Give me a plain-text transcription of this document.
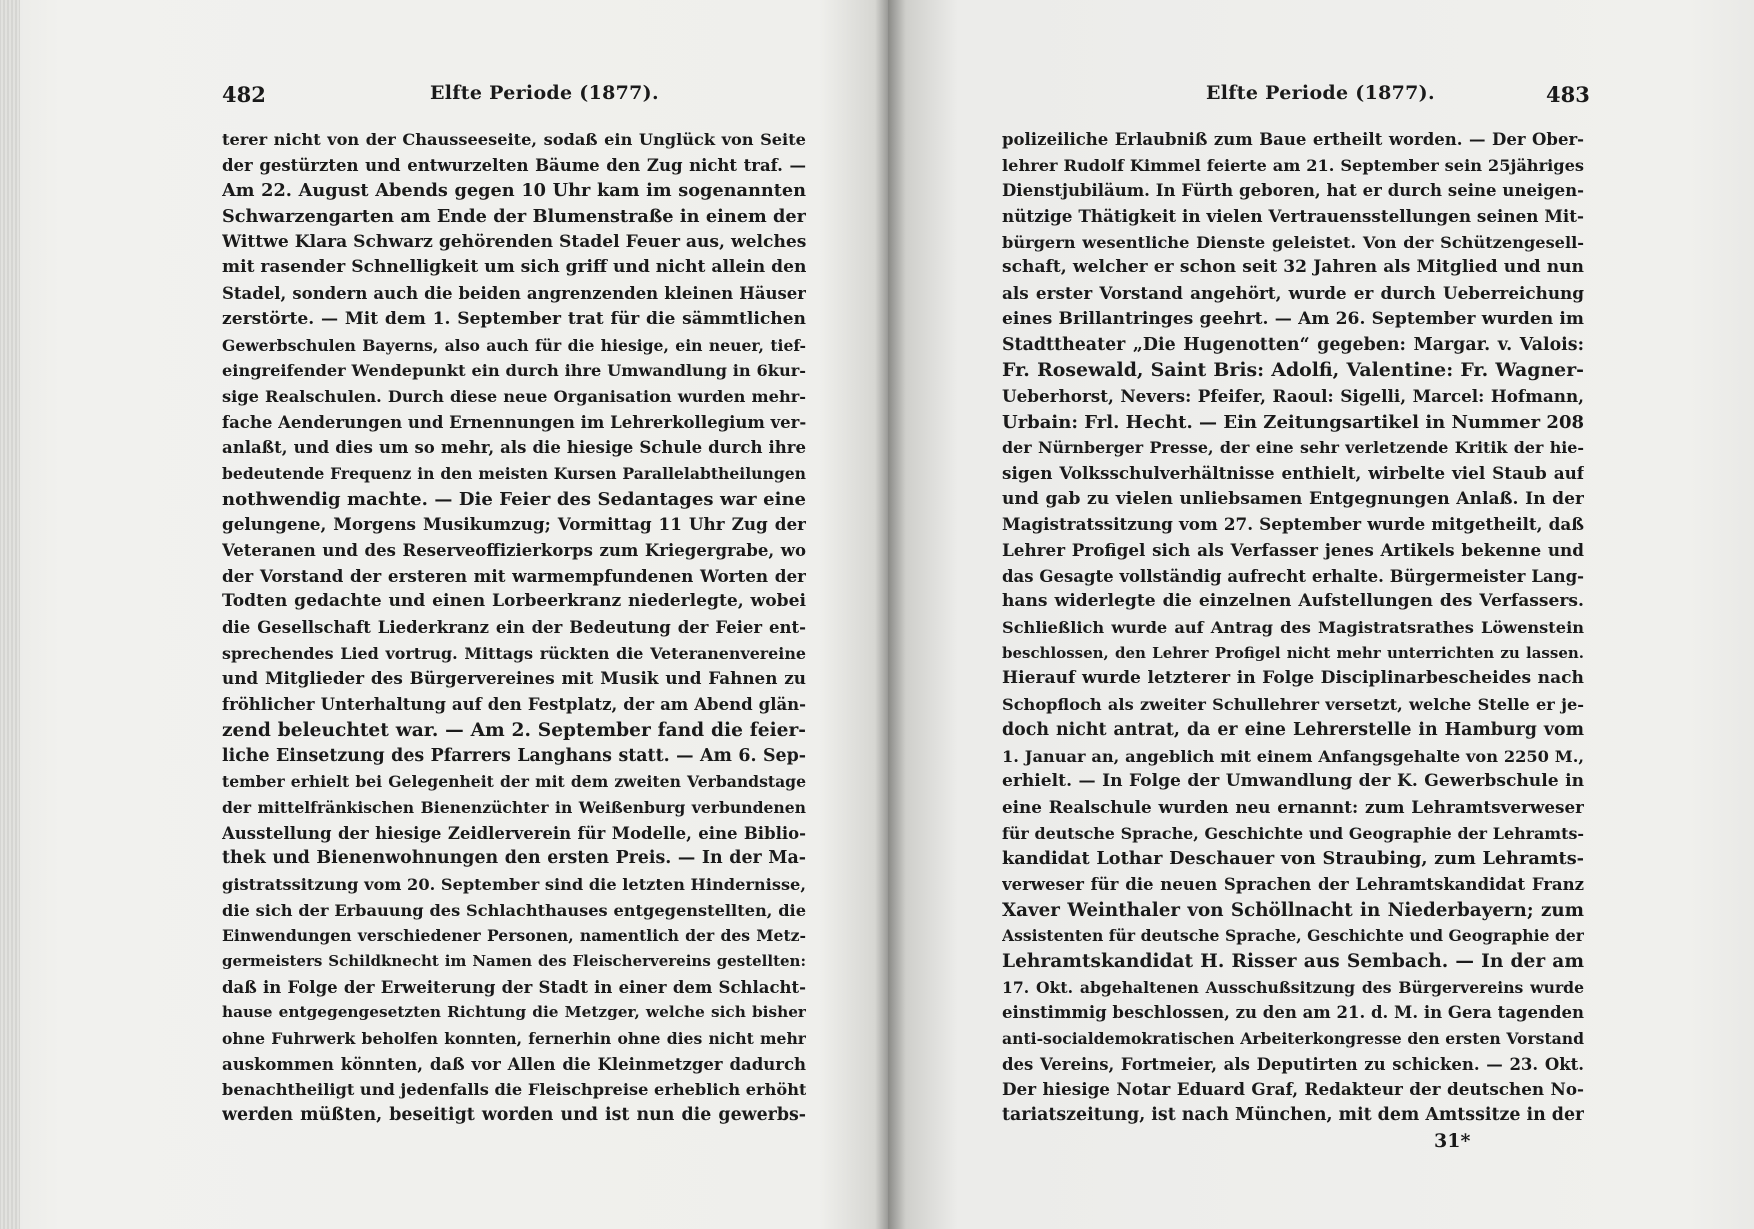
482	Elfte Periode (1877).
terer nicht von der Chausseeseite, sodaß ein Unglück von Seite
der gestürzten und entwurzelten Bäume den Zug nicht traf. —
Am 22. August Abends gegen 10 Uhr kam im sogenannten
Schwarzengarten am Ende der Blumenstraße in einem der
Wittwe Klara Schwarz gehörenden Stadel Feuer aus, welches
mit rasender Schnelligkeit um sich griff und nicht allein den
Stadel, sondern auch die beiden angrenzenden kleinen Häuser
zerstörte. — Mit dem 1. September trat für die sämmtlichen
Gewerbschulen Bayerns, also auch für die hiesige, ein neuer, tief-
eingreifender Wendepunkt ein durch ihre Umwandlung in 6kur-
sige Realschulen. Durch diese neue Organisation wurden mehr-
fache Aenderungen und Ernennungen im Lehrerkollegium ver-
anlaßt, und dies um so mehr, als die hiesige Schule durch ihre
bedeutende Frequenz in den meisten Kursen Parallelabtheilungen
nothwendig machte. — Die Feier des Sedantages war eine
gelungene, Morgens Musikumzug; Vormittag 11 Uhr Zug der
Veteranen und des Reserveoffizierkorps zum Kriegergrabe, wo
der Vorstand der ersteren mit warmempfundenen Worten der
Todten gedachte und einen Lorbeerkranz niederlegte, wobei
die Gesellschaft Liederkranz ein der Bedeutung der Feier ent-
sprechendes Lied vortrug. Mittags rückten die Veteranenvereine
und Mitglieder des Bürgervereines mit Musik und Fahnen zu
fröhlicher Unterhaltung auf den Festplatz, der am Abend glän-
zend beleuchtet war. — Am 2. September fand die feier-
liche Einsetzung des Pfarrers Langhans statt. — Am 6. Sep-
tember erhielt bei Gelegenheit der mit dem zweiten Verbandstage
der mittelfränkischen Bienenzüchter in Weißenburg verbundenen
Ausstellung der hiesige Zeidlerverein für Modelle, eine Biblio-
thek und Bienenwohnungen den ersten Preis. — In der Ma-
gistratssitzung vom 20. September sind die letzten Hindernisse,
die sich der Erbauung des Schlachthauses entgegenstellten, die
Einwendungen verschiedener Personen, namentlich der des Metz-
germeisters Schildknecht im Namen des Fleischervereins gestellten:
daß in Folge der Erweiterung der Stadt in einer dem Schlacht-
hause entgegengesetzten Richtung die Metzger, welche sich bisher
ohne Fuhrwerk beholfen konnten, fernerhin ohne dies nicht mehr
auskommen könnten, daß vor Allen die Kleinmetzger dadurch
benachtheiligt und jedenfalls die Fleischpreise erheblich erhöht
werden müßten, beseitigt worden und ist nun die gewerbs-
Elfte Periode (1877).	483
polizeiliche Erlaubniß zum Baue ertheilt worden. — Der Ober-
lehrer Rudolf Kimmel feierte am 21. September sein 25jähriges
Dienstjubiläum. In Fürth geboren, hat er durch seine uneigen-
nützige Thätigkeit in vielen Vertrauensstellungen seinen Mit-
bürgern wesentliche Dienste geleistet. Von der Schützengesell-
schaft, welcher er schon seit 32 Jahren als Mitglied und nun
als erster Vorstand angehört, wurde er durch Ueberreichung
eines Brillantringes geehrt. — Am 26. September wurden im
Stadttheater „Die Hugenotten“ gegeben: Margar. v. Valois:
Fr. Rosewald, Saint Bris: Adolfi, Valentine: Fr. Wagner-
Ueberhorst, Nevers: Pfeifer, Raoul: Sigelli, Marcel: Hofmann,
Urbain: Frl. Hecht. — Ein Zeitungsartikel in Nummer 208
der Nürnberger Presse, der eine sehr verletzende Kritik der hie-
sigen Volksschulverhältnisse enthielt, wirbelte viel Staub auf
und gab zu vielen unliebsamen Entgegnungen Anlaß. In der
Magistratssitzung vom 27. September wurde mitgetheilt, daß
Lehrer Profigel sich als Verfasser jenes Artikels bekenne und
das Gesagte vollständig aufrecht erhalte. Bürgermeister Lang-
hans widerlegte die einzelnen Aufstellungen des Verfassers.
Schließlich wurde auf Antrag des Magistratsrathes Löwenstein
beschlossen, den Lehrer Profigel nicht mehr unterrichten zu lassen.
Hierauf wurde letzterer in Folge Disciplinarbescheides nach
Schopfloch als zweiter Schullehrer versetzt, welche Stelle er je-
doch nicht antrat, da er eine Lehrerstelle in Hamburg vom
1. Januar an, angeblich mit einem Anfangsgehalte von 2250 M.,
erhielt. — In Folge der Umwandlung der K. Gewerbschule in
eine Realschule wurden neu ernannt: zum Lehramtsverweser
für deutsche Sprache, Geschichte und Geographie der Lehramts-
kandidat Lothar Deschauer von Straubing, zum Lehramts-
verweser für die neuen Sprachen der Lehramtskandidat Franz
Xaver Weinthaler von Schöllnacht in Niederbayern; zum
Assistenten für deutsche Sprache, Geschichte und Geographie der
Lehramtskandidat H. Risser aus Sembach. — In der am
17. Okt. abgehaltenen Ausschußsitzung des Bürgervereins wurde
einstimmig beschlossen, zu den am 21. d. M. in Gera tagenden
anti-socialdemokratischen Arbeiterkongresse den ersten Vorstand
des Vereins, Fortmeier, als Deputirten zu schicken. — 23. Okt.
Der hiesige Notar Eduard Graf, Redakteur der deutschen No-
tariatszeitung, ist nach München, mit dem Amtssitze in der
31*
